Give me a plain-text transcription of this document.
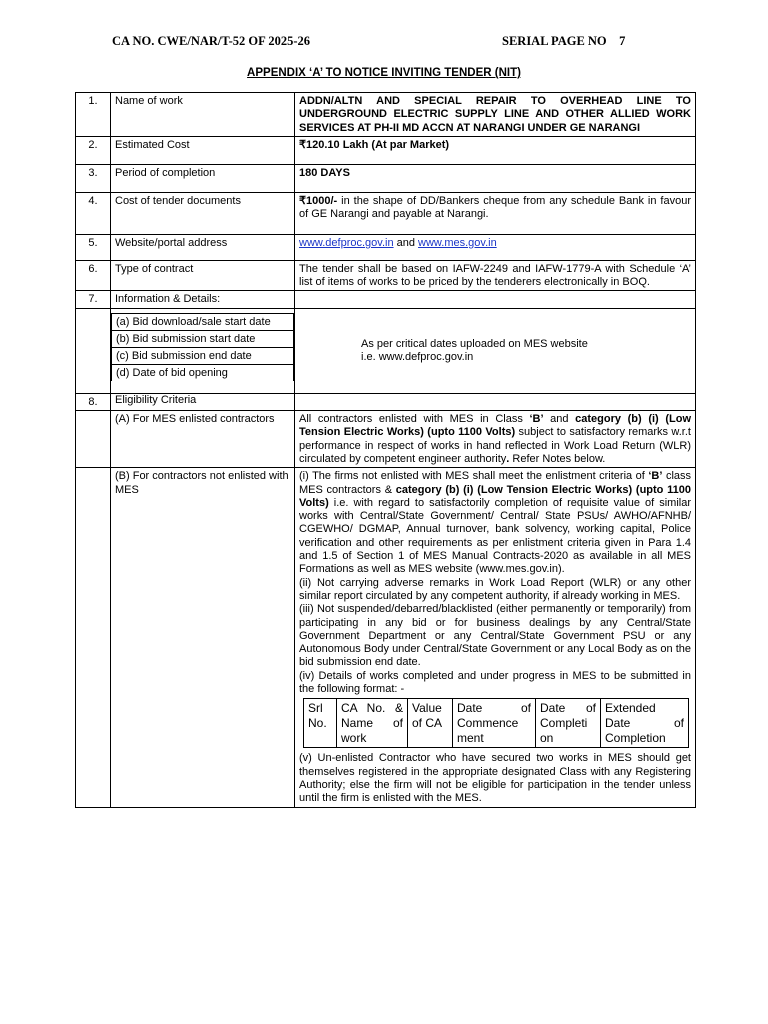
CA NO. CWE/NAR/T-52 OF 2025-26	SERIAL PAGE NO    7
APPENDIX ‘A’ TO NOTICE INVITING TENDER (NIT)
1.	Name of work	ADDN/ALTN AND SPECIAL REPAIR TO OVERHEAD LINE TO UNDERGROUND ELECTRIC SUPPLY LINE AND OTHER ALLIED WORK SERVICES AT PH-II MD ACCN AT NARANGI UNDER GE NARANGI
2.	Estimated Cost	₹120.10 Lakh (At par Market)
3.	Period of completion	180 DAYS
4.	Cost of tender documents	₹1000/- in the shape of DD/Bankers cheque from any schedule Bank in favour of GE Narangi and payable at Narangi.
5.	Website/portal address	www.defproc.gov.in and www.mes.gov.in
6.	Type of contract	The tender shall be based on IAFW-2249 and IAFW-1779-A with Schedule ‘A’ list of items of works to be priced by the tenderers electronically in BOQ.
7.	Information & Details:	

(a) Bid download/sale start date
(b) Bid submission start date
(c) Bid submission end date
(d) Date of bid opening

As per critical dates uploaded on MES website
i.e. www.defproc.gov.in

8.	Eligibility Criteria	
	(A) For MES enlisted contractors	All contractors enlisted with MES in Class ‘B’ and category (b) (i) (Low Tension Electric Works) (upto 1100 Volts) subject to satisfactory remarks w.r.t performance in respect of works in hand reflected in Work Load Return (WLR) circulated by competent engineer authority. Refer Notes below.
	(B) For contractors not enlisted with MES	

(i) The firms not enlisted with MES shall meet the enlistment criteria of ‘B’ class MES contractors & category (b) (i) (Low Tension Electric Works) (upto 1100 Volts) i.e. with regard to satisfactorily completion of requisite value of similar works with Central/State Government/ Central/ State PSUs/ AWHO/AFNHB/ CGEWHO/ DGMAP, Annual turnover, bank solvency, working capital, Police verification and other requirements as per enlistment criteria given in Para 1.4 and 1.5 of Section 1 of MES Manual Contracts-2020 as available in all MES Formations as well as MES website (www.mes.gov.in).

(ii) Not carrying adverse remarks in Work Load Report (WLR) or any other similar report circulated by any competent authority, if already working in MES.

(iii) Not suspended/debarred/blacklisted (either permanently or temporarily) from participating in any bid or for business dealings by any Central/State Government Department or any Central/State Government PSU or any Autonomous Body under Central/State Government or any Local Body as on the bid submission end date.

(iv) Details of works completed and under progress in MES to be submitted in the following format: -

Srl No.	CA No. & Name of work	Value of CA	Date of Commence ment	Date of Completi on	Extended Date of Completion

(v) Un-enlisted Contractor who have secured two works in MES should get themselves registered in the appropriate designated Class with any Registering Authority; else the firm will not be eligible for participation in the tender unless until the firm is enlisted with the MES.
